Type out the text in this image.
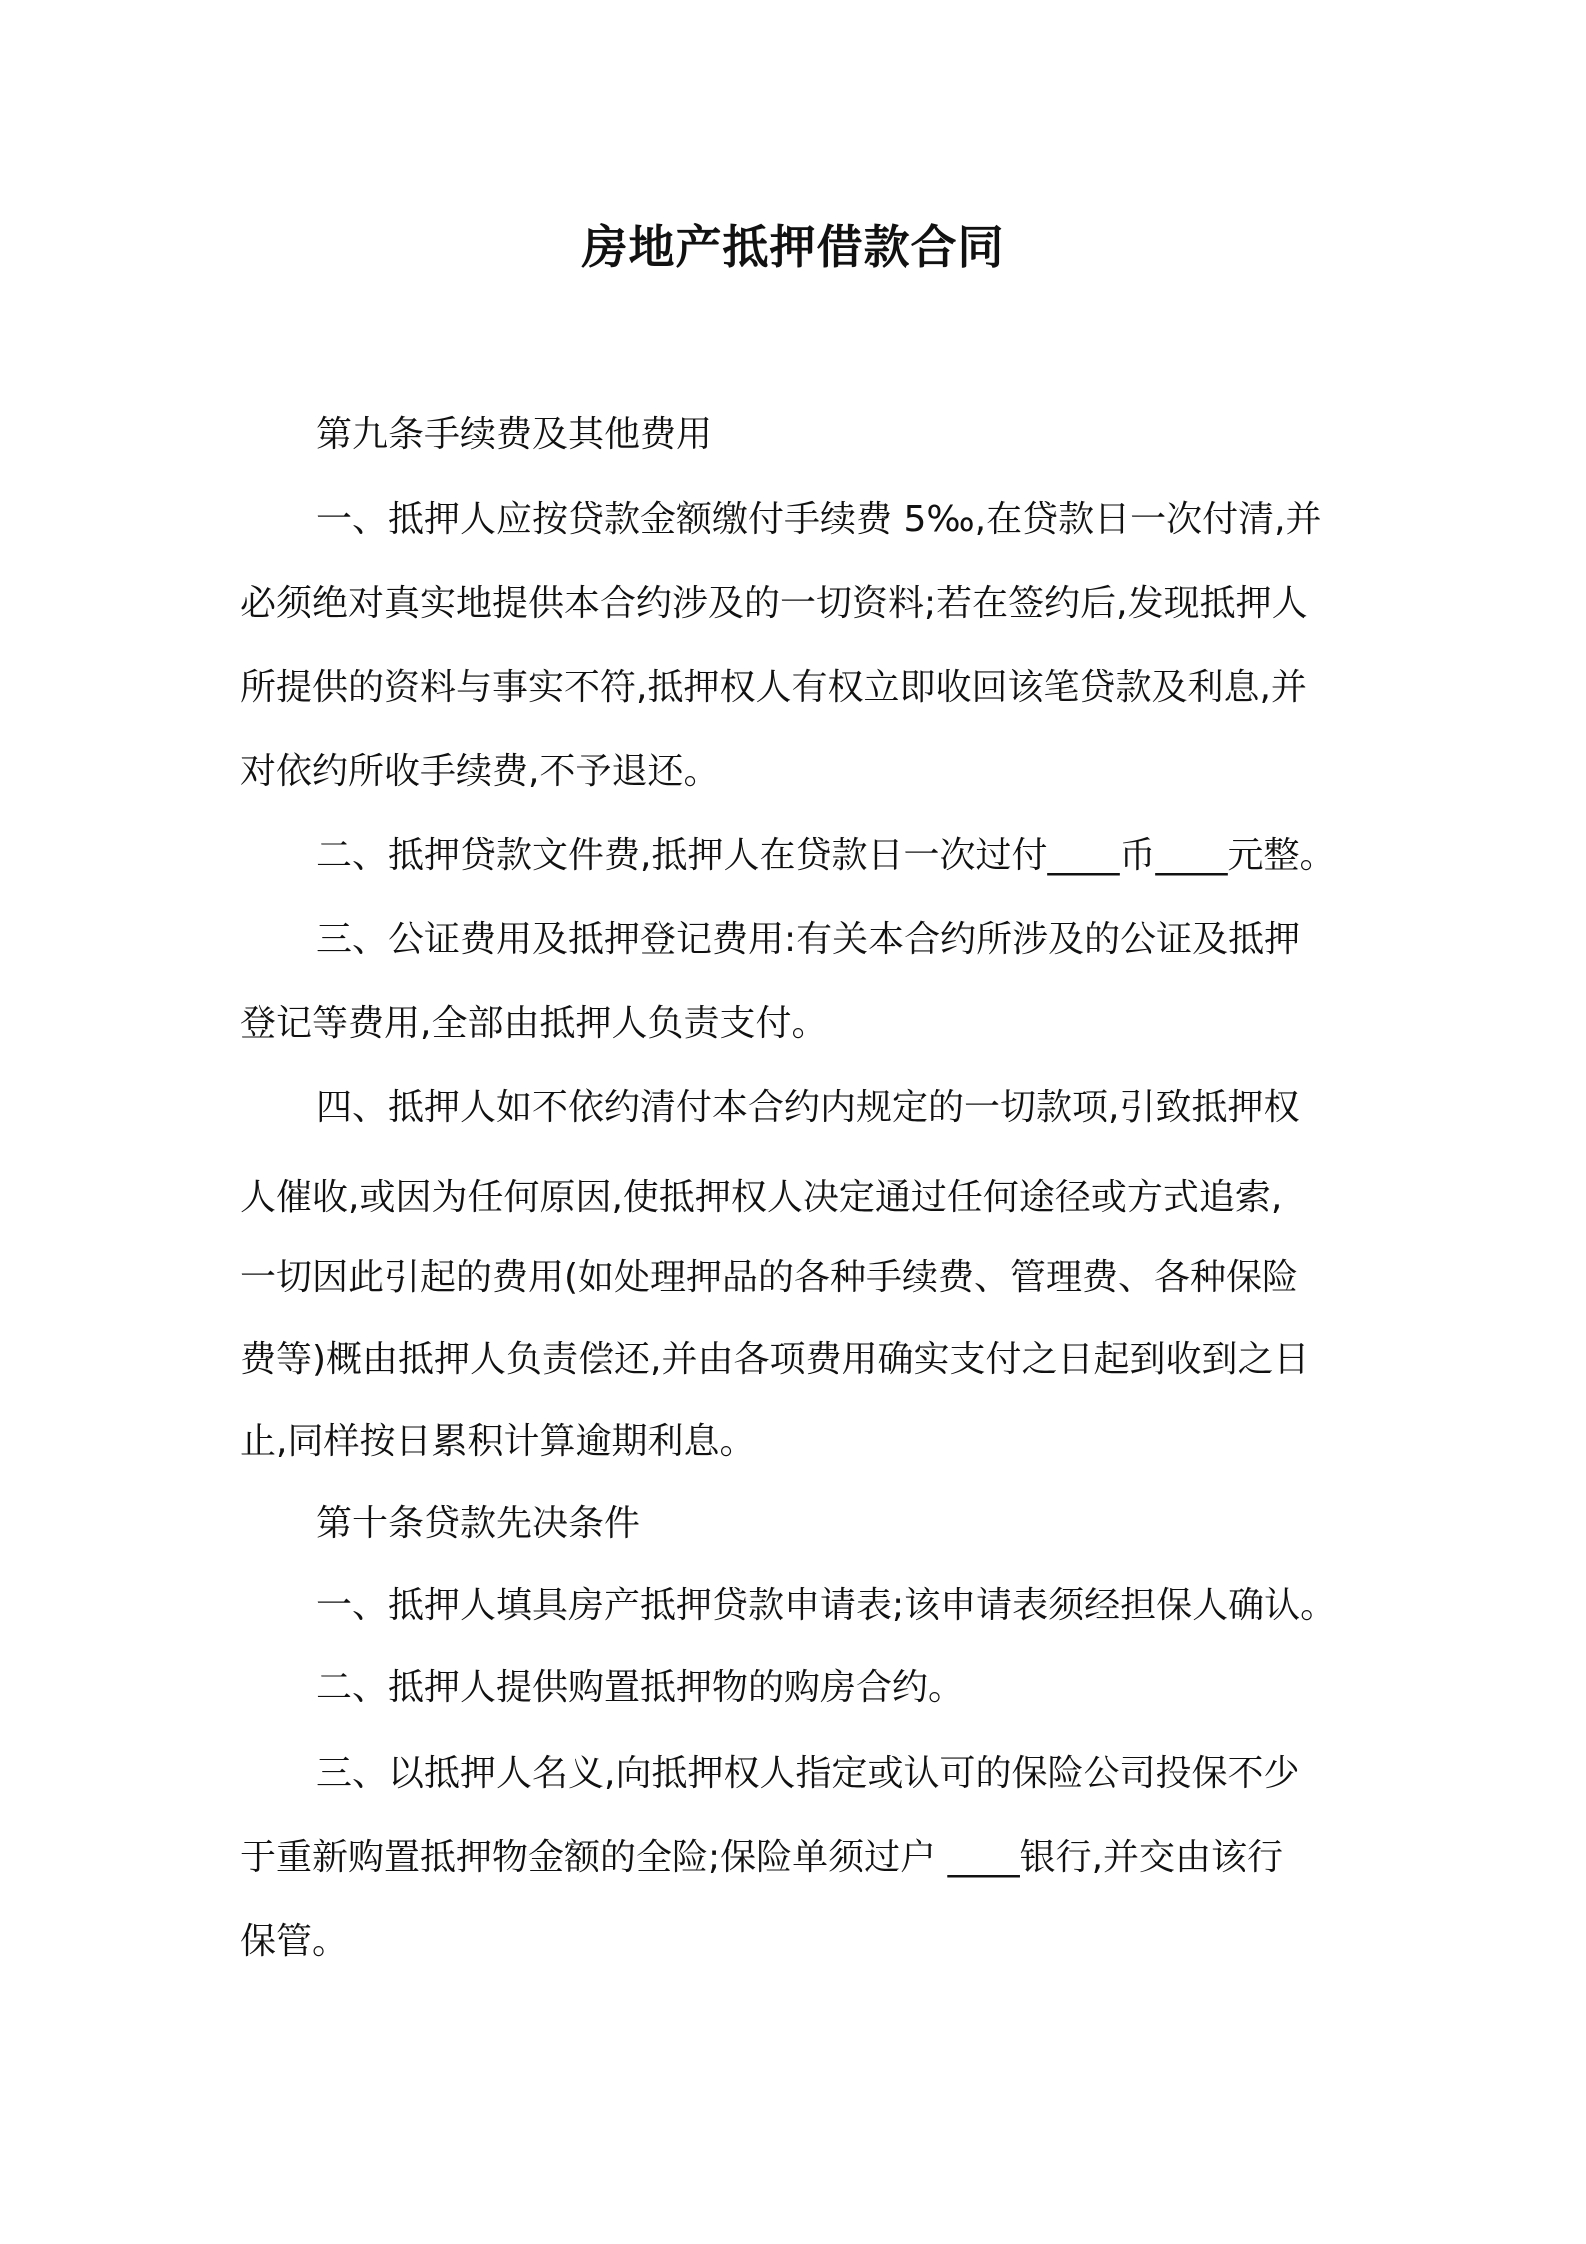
房地产抵押借款合同
第九条手续费及其他费用
一、抵押人应按贷款金额缴付手续费 5‰,在贷款日一次付清,并
必须绝对真实地提供本合约涉及的一切资料;若在签约后,发现抵押人
所提供的资料与事实不符,抵押权人有权立即收回该笔贷款及利息,并
对依约所收手续费,不予退还。
二、抵押贷款文件费,抵押人在贷款日一次过付____币____元整。
三、公证费用及抵押登记费用:有关本合约所涉及的公证及抵押
登记等费用,全部由抵押人负责支付。
四、抵押人如不依约清付本合约内规定的一切款项,引致抵押权
人催收,或因为任何原因,使抵押权人决定通过任何途径或方式追索,
一切因此引起的费用(如处理押品的各种手续费、管理费、各种保险
费等)概由抵押人负责偿还,并由各项费用确实支付之日起到收到之日
止,同样按日累积计算逾期利息。
第十条贷款先决条件
一、抵押人填具房产抵押贷款申请表;该申请表须经担保人确认。
二、抵押人提供购置抵押物的购房合约。
三、以抵押人名义,向抵押权人指定或认可的保险公司投保不少
于重新购置抵押物金额的全险;保险单须过户 ____银行,并交由该行
保管。
